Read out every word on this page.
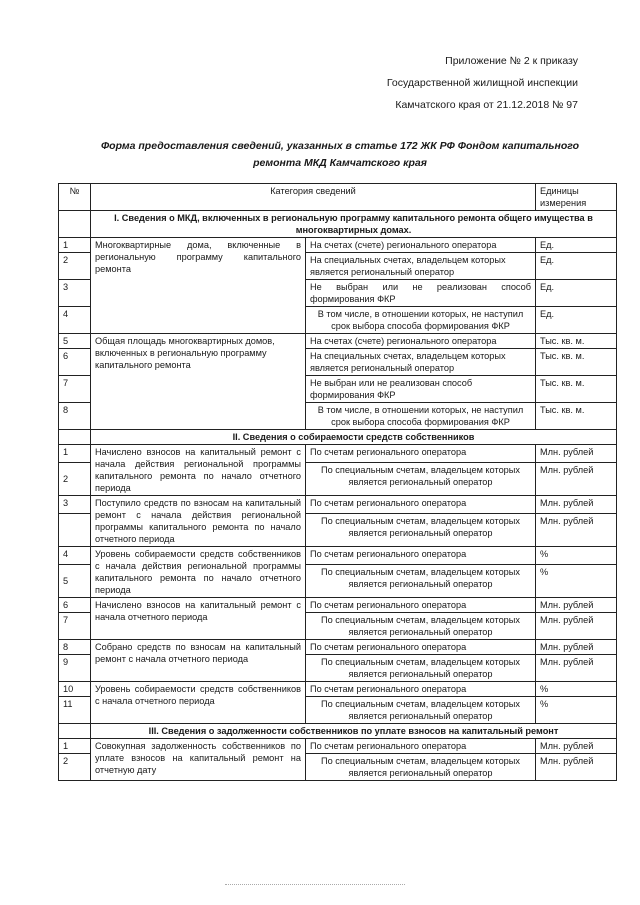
Приложение № 2 к приказу
Государственной жилищной инспекции
Камчатского края от 21.12.2018 № 97
Форма предоставления сведений, указанных в статье 172 ЖК РФ Фондом капитального
ремонта МКД Камчатского края
№	Категория сведений		Единицы измерения
	I. Сведения о МКД, включенных в региональную программу капитального ремонта общего имущества в многоквартирных домах.		
1	Многоквартирные дома, включенные в региональную программу капитального ремонта	На счетах (счете) регионального оператора	Ед.
2		На специальных счетах, владельцем которых является региональный оператор	Ед.
3		Не выбран или не реализован способ формирования ФКР	Ед.
4		В том числе, в отношении которых, не наступил срок выбора способа формирования ФКР	Ед.
5	Общая площадь многоквартирных домов, включенных в региональную программу капитального ремонта	На счетах (счете) регионального оператора	Тыс. кв. м.
6		На специальных счетах, владельцем которых является региональный оператор	Тыс. кв. м.
7		Не выбран или не реализован способ формирования ФКР	Тыс. кв. м.
8		В том числе, в отношении которых, не наступил срок выбора способа формирования ФКР	Тыс. кв. м.
	II. Сведения о собираемости средств собственников		
1	Начислено взносов на капитальный ремонт с начала действия региональной программы капитального ремонта по начало отчетного периода	По счетам регионального оператора	Млн. рублей
2		По специальным счетам, владельцем которых является региональный оператор	Млн. рублей
3	Поступило средств по взносам на капитальный ремонт с начала действия региональной программы капитального ремонта по начало отчетного периода	По счетам регионального оператора	Млн. рублей
		По специальным счетам, владельцем которых является региональный оператор	Млн. рублей
4	Уровень собираемости средств собственников с начала действия региональной программы капитального ремонта по начало отчетного периода	По счетам регионального оператора	%
5		По специальным счетам, владельцем которых является региональный оператор	%
6	Начислено взносов на капитальный ремонт с начала отчетного периода	По счетам регионального оператора	Млн. рублей
7		По специальным счетам, владельцем которых является региональный оператор	Млн. рублей
8	Собрано средств по взносам на капитальный ремонт с начала отчетного периода	По счетам регионального оператора	Млн. рублей
9		По специальным счетам, владельцем которых является региональный оператор	Млн. рублей
10	Уровень собираемости средств собственников с начала отчетного периода	По счетам регионального оператора	%
11		По специальным счетам, владельцем которых является региональный оператор	%
	III. Сведения о задолженности собственников по уплате взносов на капитальный ремонт		
1	Совокупная задолженность собственников по уплате взносов на капитальный ремонт на отчетную дату	По счетам регионального оператора	Млн. рублей
2		По специальным счетам, владельцем которых является региональный оператор	Млн. рублей
